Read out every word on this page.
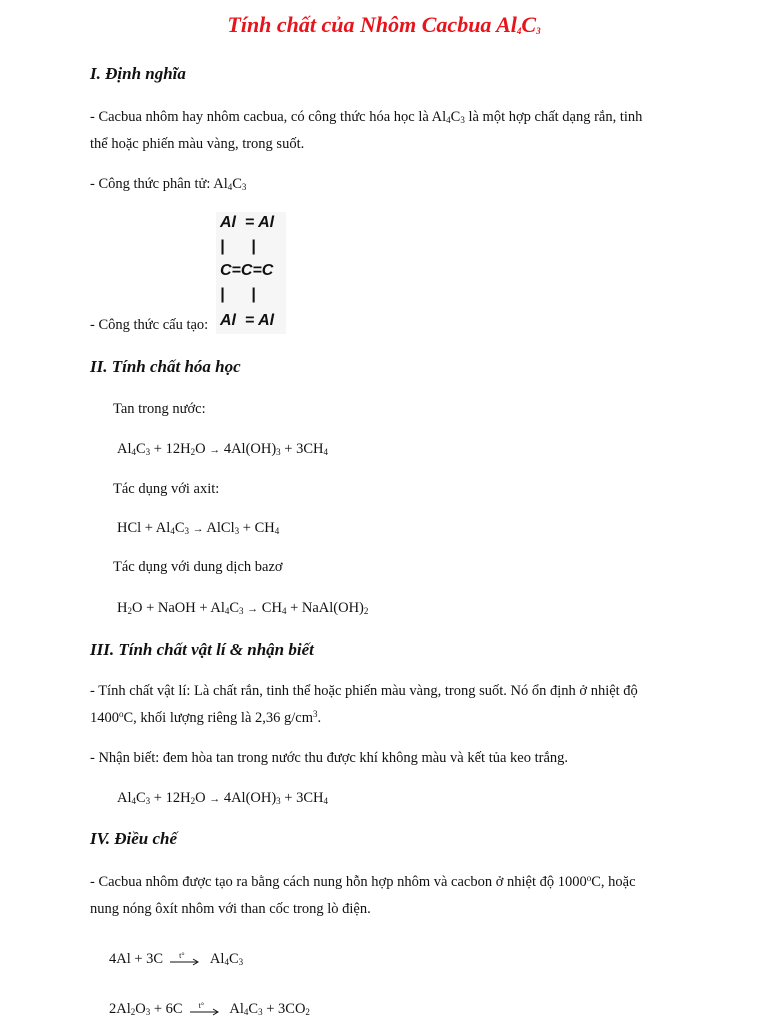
Tính chất của Nhôm Cacbua $Al_4C_3$
I. Định nghĩa
- Cacbua nhôm hay nhôm cacbua, có công thức hóa học là $Al_4C_3$ là một hợp chất dạng rắn, tinh
thể hoặc phiến màu vàng, trong suốt.
- Công thức phân tử: $Al_4C_3$
Al  = Al
|      |
C=C=C
|      |
Al  = Al
- Công thức cấu tạo:
II. Tính chất hóa học
Tan trong nước:
$Al_4C_3 + 12H_2O \to 4Al(OH)_3 + 3CH_4$
Tác dụng với axit:
HCl + $Al_4C_3$ → AlCl$_3$ + $CH_4$
Tác dụng với dung dịch bazơ
$H_2O$ + NaOH + $Al_4C_3 \to CH_4$ + $NaAl(OH)_2$
III. Tính chất vật lí & nhận biết
- Tính chất vật lí: Là chất rắn, tinh thể hoặc phiến màu vàng, trong suốt. Nó ổn định ở nhiệt độ
1400$^o$C, khối lượng riêng là 2,36 $g/cm^3$.
- Nhận biết: đem hòa tan trong nước thu được khí không màu và kết tủa keo trắng.
$Al_4C_3 + 12H_2O \to 4Al(OH)_3 + 3CH_4$
IV. Điều chế
- Cacbua nhôm được tạo ra bằng cách nung hỗn hợp nhôm và cacbon ở nhiệt độ 1000$^o$C, hoặc
nung nóng ôxít nhôm với than cốc trong lò điện.
4Al + 3C t° $Al_4C_3$
$2Al_2O_3 + 6C$ t° $Al_4C_3 + 3CO_2$
